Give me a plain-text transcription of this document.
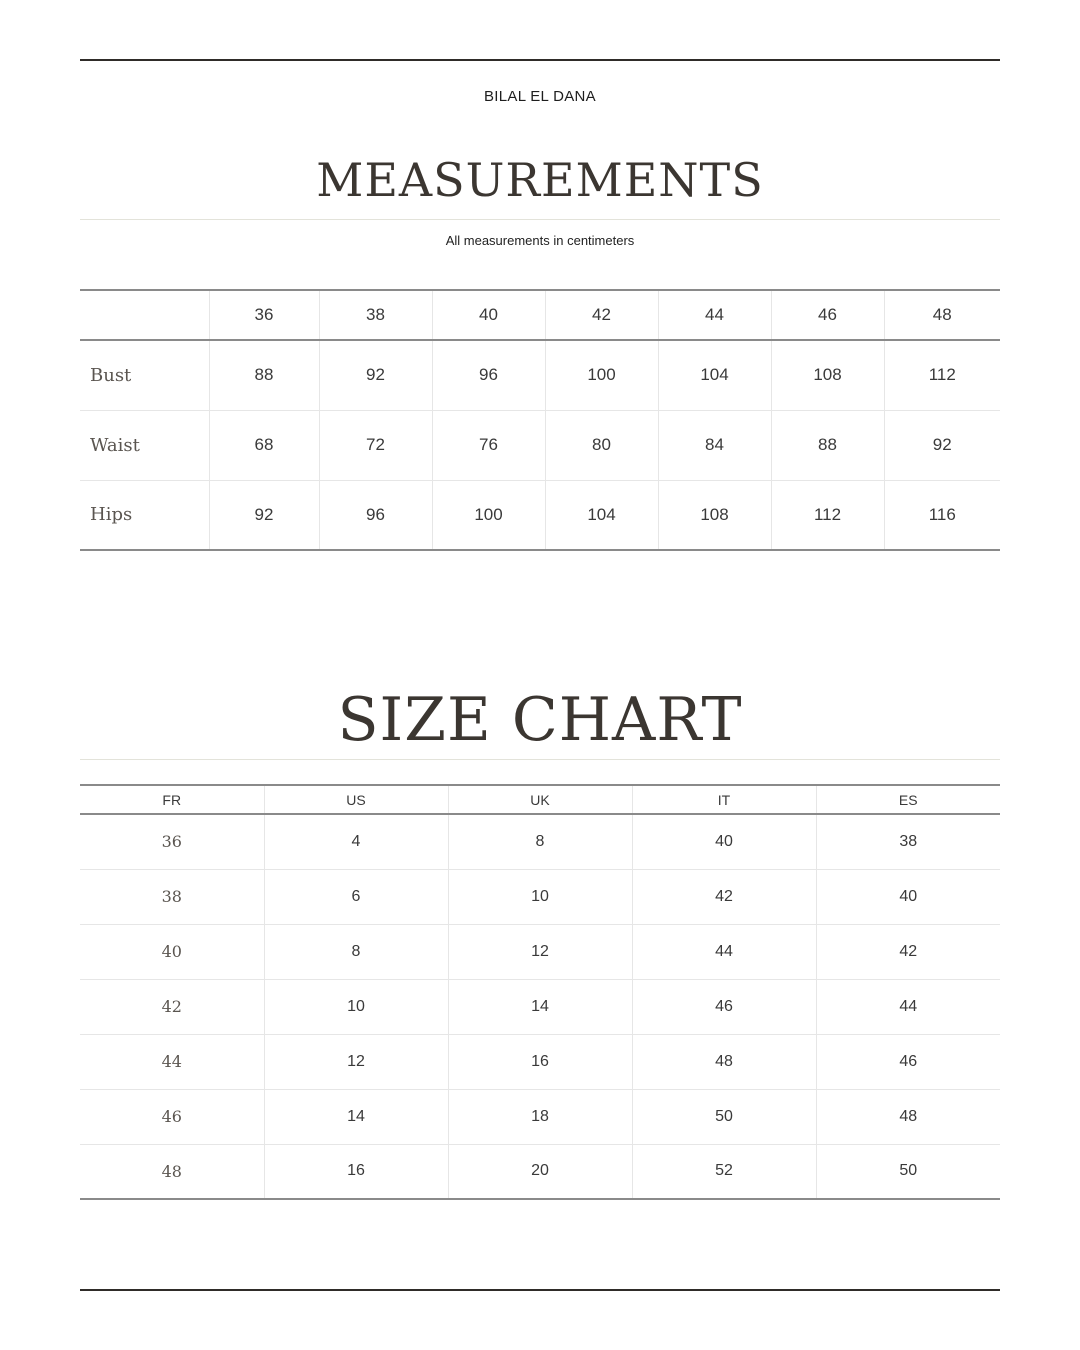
BILAL EL DANA
MEASUREMENTS
All measurements in centimeters
	36	38	40	42	44	46	48
Bust	88	92	96	100	104	108	112
Waist	68	72	76	80	84	88	92
Hips	92	96	100	104	108	112	116
SIZE CHART
FR	US	UK	IT	ES
36	4	8	40	38
38	6	10	42	40
40	8	12	44	42
42	10	14	46	44
44	12	16	48	46
46	14	18	50	48
48	16	20	52	50
